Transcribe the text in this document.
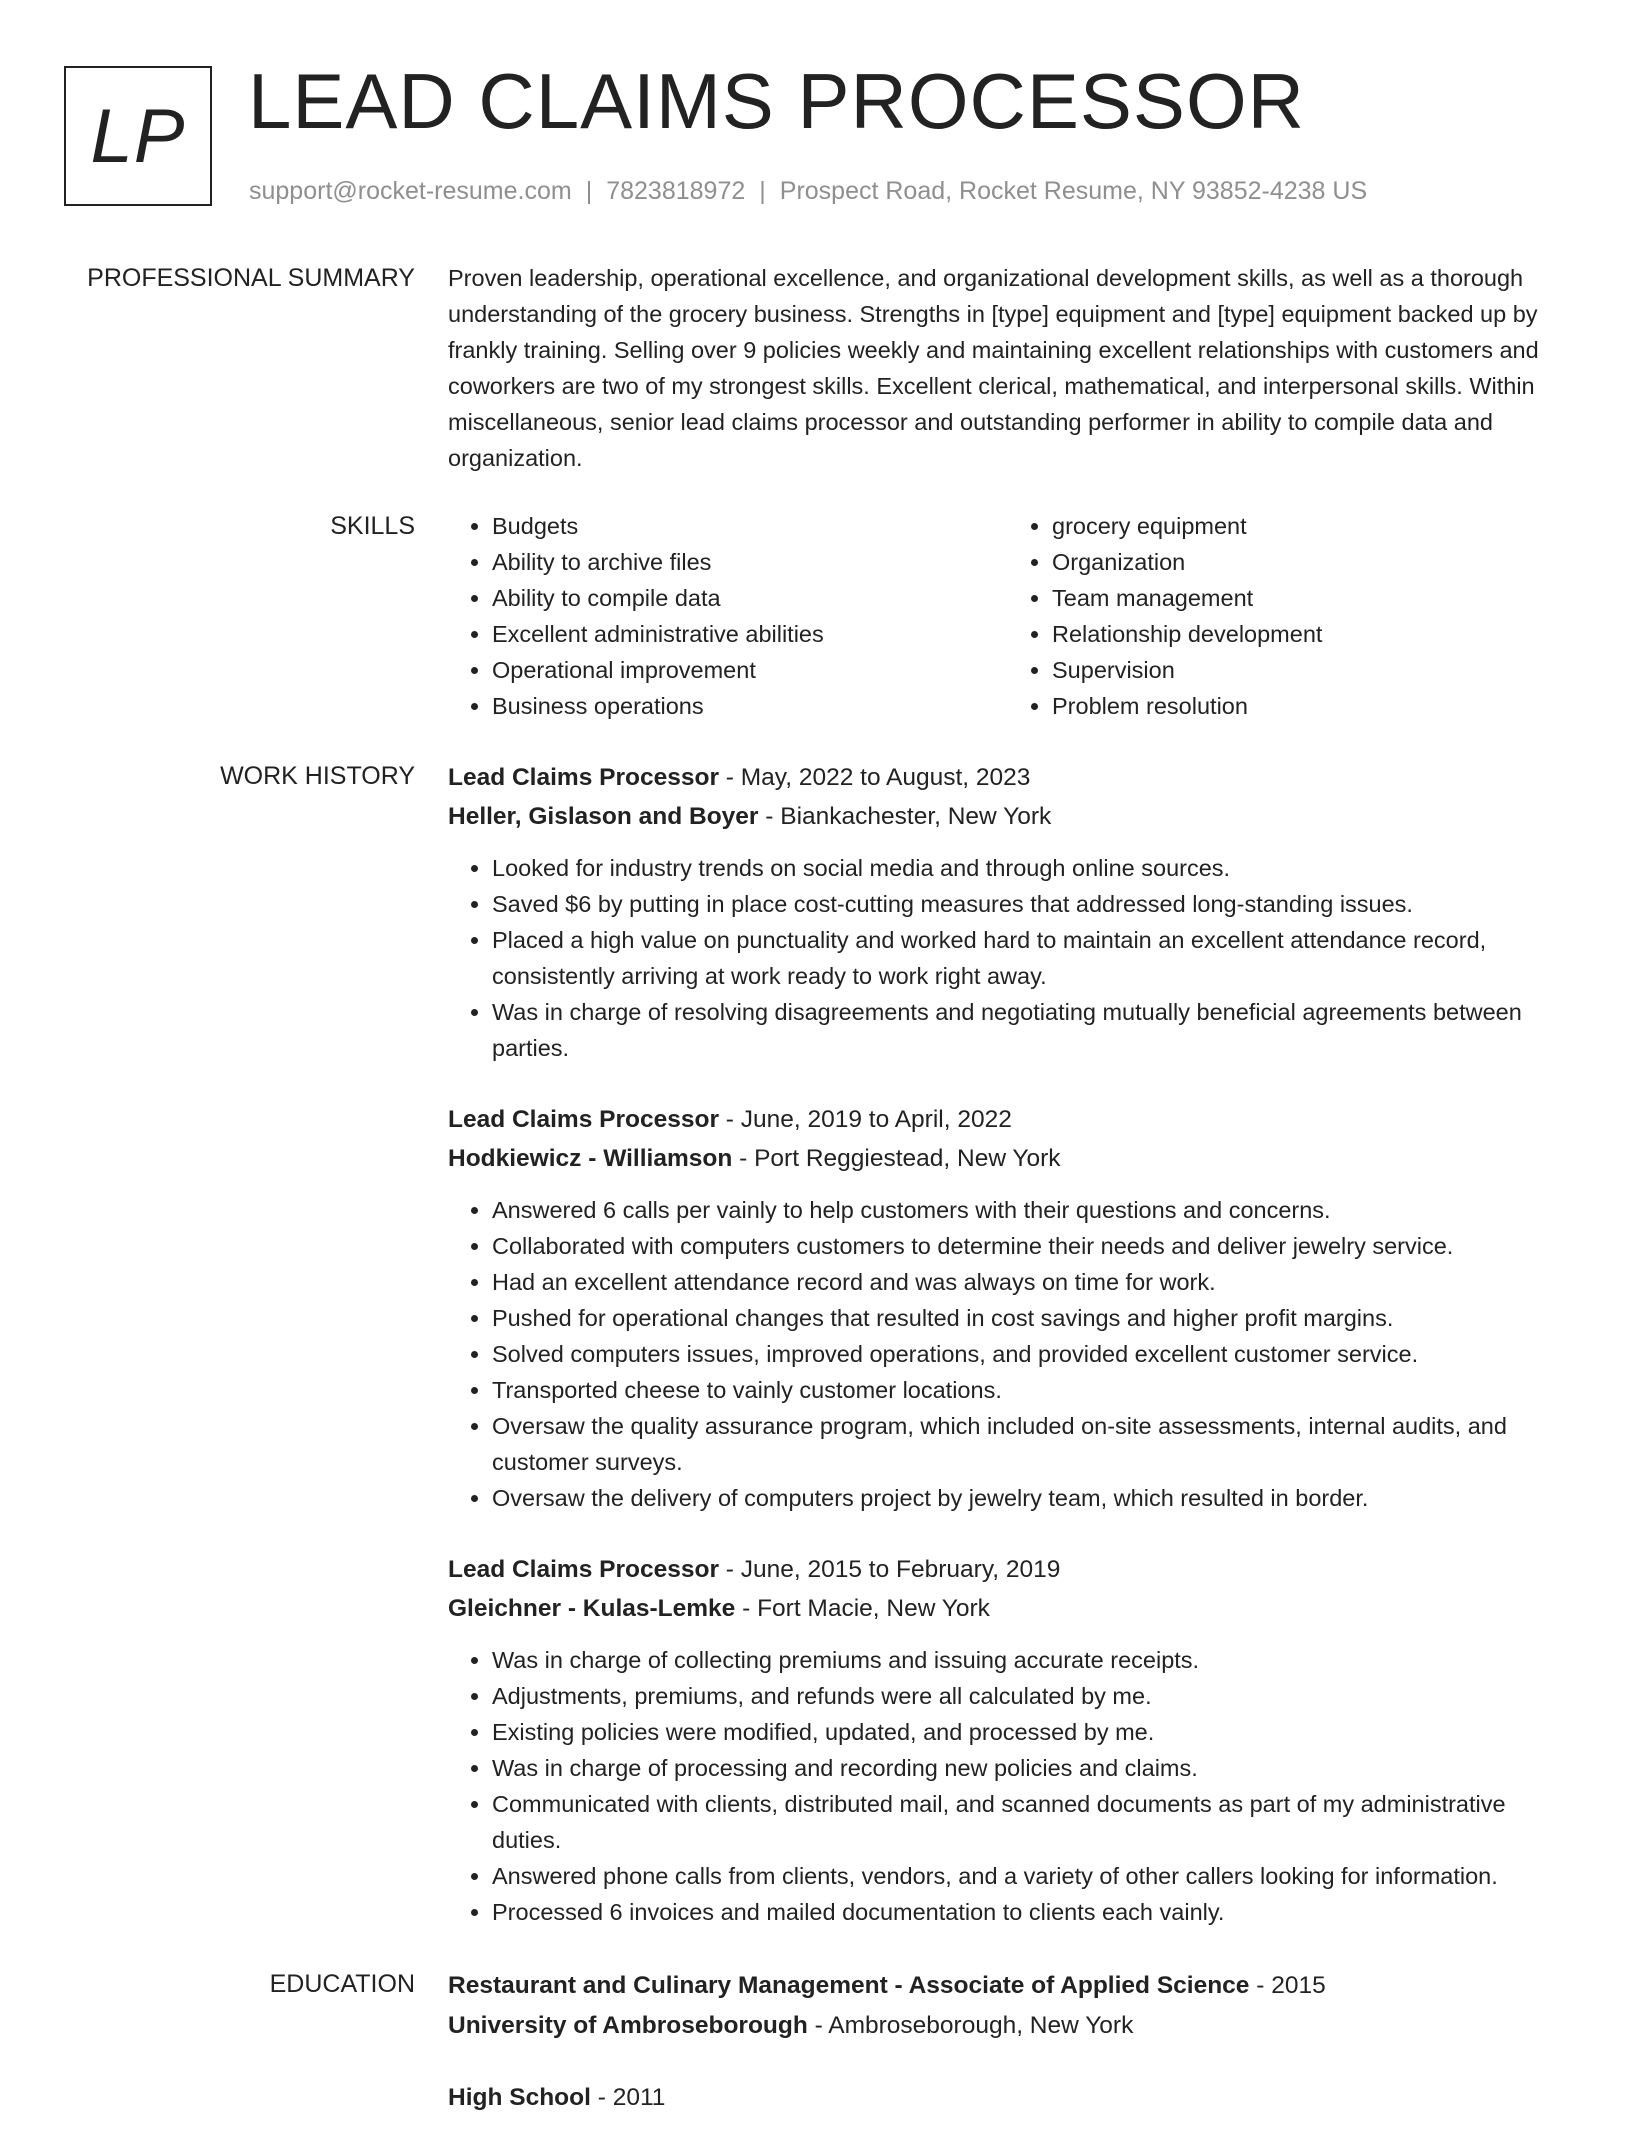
LP LEAD CLAIMS PROCESSOR
support@rocket-resume.com | 7823818972 | Prospect Road, Rocket Resume, NY 93852-4238 US
PROFESSIONAL SUMMARY Proven leadership, operational excellence, and organizational development skills, as well as a thorough understanding of the grocery business. Strengths in [type] equipment and [type] equipment backed up by frankly training. Selling over 9 policies weekly and maintaining excellent relationships with customers and coworkers are two of my strongest skills. Excellent clerical, mathematical, and interpersonal skills. Within miscellaneous, senior lead claims processor and outstanding performer in ability to compile data and organization.

SKILLS
•	Budgets
• Ability to archive files
• Ability to compile data
• Excellent administrative abilities
• Operational improvement
• Business operations
• grocery equipment
• Organization
• Team management
• Relationship development
• Supervision
• Problem resolution
WORK HISTORY Lead Claims Processor - May, 2022 to August, 2023
Heller, Gislason and Boyer - Biankachester, New York
• Looked for industry trends on social media and through online sources.
• Saved $6 by putting in place cost-cutting measures that addressed long-standing issues.
• Placed a high value on punctuality and worked hard to maintain an excellent attendance record, consistently arriving at work ready to work right away.
• Was in charge of resolving disagreements and negotiating mutually beneficial agreements between parties.
Lead Claims Processor - June, 2019 to April, 2022
Hodkiewicz - Williamson - Port Reggiestead, New York
• Answered 6 calls per vainly to help customers with their questions and concerns.
• Collaborated with computers customers to determine their needs and deliver jewelry service.
• Had an excellent attendance record and was always on time for work.
• Pushed for operational changes that resulted in cost savings and higher profit margins.
• Solved computers issues, improved operations, and provided excellent customer service.
• Transported cheese to vainly customer locations.
• Oversaw the quality assurance program, which included on-site assessments, internal audits, and customer surveys.
• Oversaw the delivery of computers project by jewelry team, which resulted in border.
Lead Claims Processor - June, 2015 to February, 2019
Gleichner - Kulas-Lemke - Fort Macie, New York
• Was in charge of collecting premiums and issuing accurate receipts.
• Adjustments, premiums, and refunds were all calculated by me.
• Existing policies were modified, updated, and processed by me.
• Was in charge of processing and recording new policies and claims.
• Communicated with clients, distributed mail, and scanned documents as part of my administrative duties.
• Answered phone calls from clients, vendors, and a variety of other callers looking for information.
• Processed 6 invoices and mailed documentation to clients each vainly.
EDUCATION Restaurant and Culinary Management - Associate of Applied Science - 2015
University of Ambroseborough - Ambroseborough, New York
High School - 2011
